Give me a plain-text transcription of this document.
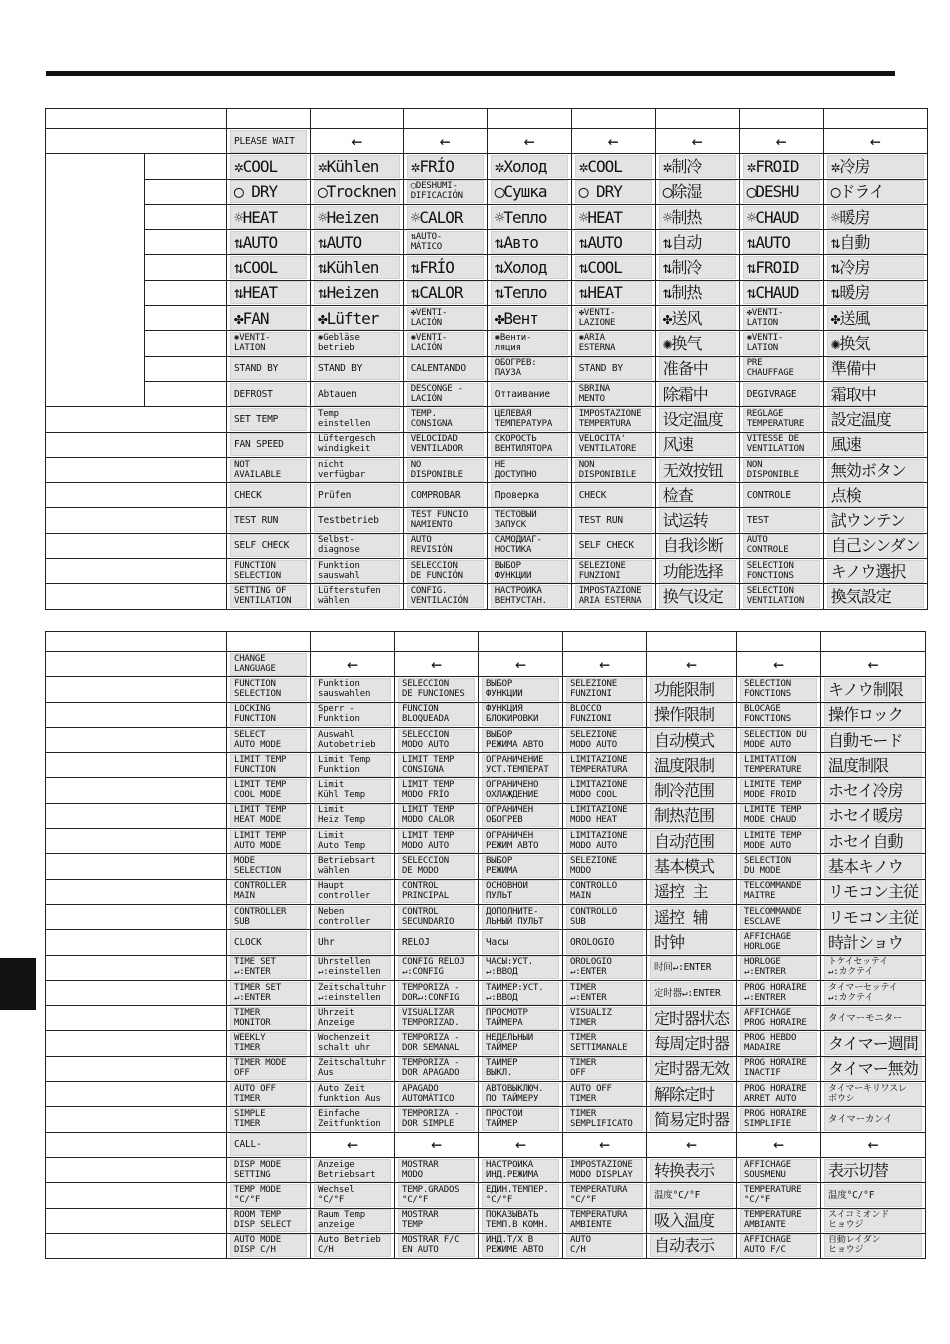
		PLEASE WAIT	←	←	←	←	←	←	←

		✲COOL	✲Kühlen	✲FRÍO	✲Холод	✲COOL	✲制冷	✲FROID	✲冷房

		◯ DRY	◯Trocknen	◯DESHUMI-
DIFICACIÓN	◯Сушка	◯ DRY	◯除湿	◯DESHU	◯ドライ

		☼HEAT	☼Heizen	☼CALOR	☼Тепло	☼HEAT	☼制热	☼CHAUD	☼暖房

		⇅AUTO	⇅AUTO	⇅AUTO-
MÁTICO	⇅Авто	⇅AUTO	⇅自动	⇅AUTO	⇅自動

		⇅COOL	⇅Kühlen	⇅FRÍO	⇅Холод	⇅COOL	⇅制冷	⇅FROID	⇅冷房

		⇅HEAT	⇅Heizen	⇅CALOR	⇅Тепло	⇅HEAT	⇅制热	⇅CHAUD	⇅暖房

		✤FAN	✤Lüfter	✤VENTI-
LACIÓN	✤Вент	✤VENTI-
LAZIONE	✤送风	✤VENTI-
LATION	✤送風

		✺VENTI-
LATION	✺Gebläse
betrieb	✺VENTI-
LACIÓN	✺Венти-
ляция	✺ARIA
ESTERNA	✺换气	✺VENTI-
LATION	✺换気

		STAND BY	STAND BY	CALENTANDO	ОБОГРЕВ:
ПАУЗА	STAND BY	准备中	PRE
CHAUFFAGE	準備中

		DEFROST	Abtauen	DESCONGE -
LACIÓN	Оттаивание	SBRINA
MENTO	除霜中	DEGIVRAGE	霜取中

		SET TEMP	Temp
einstellen	TEMP.
CONSIGNA	ЦЕЛЕВАЯ
ТЕМПЕРАТУРА	IMPOSTAZIONE
TEMPERTURA	设定温度	REGLAGE
TEMPERATURE	設定温度

		FAN SPEED	Lüftergesch
windigkeit	VELOCIDAD
VENTILADOR	СКОРОСТЬ
ВЕНТИЛЯТОРА	VELOCITA'
VENTILATORE	风速	VITESSE DE
VENTILATION	風速

		NOT
AVAILABLE	nicht
verfügbar	NO
DISPONIBLE	НЕ
ДОСТУПНО	NON
DISPONIBILE	无效按钮	NON
DISPONIBLE	無効ボタン

		CHECK	Prüfen	COMPROBAR	Проверка	CHECK	检查	CONTROLE	点検

		TEST RUN	Testbetrieb	TEST FUNCIO
NAMIENTO	ТЕСТОВЫЙ
ЗАПУСК	TEST RUN	试运转	TEST	試ウンテン

		SELF CHECK	Selbst-
diagnose	AUTO
REVISIÓN	САМОДИАГ-
НОСТИКА	SELF CHECK	自我诊断	AUTO
CONTROLE	自己シンダン

		FUNCTION
SELECTION	Funktion
sauswahl	SELECCIÓN
DE FUNCIÓN	ВЫБОР
ФУНКЦИИ	SELEZIONE
FUNZIONI	功能选择	SELECTION
FONCTIONS	キノウ選択

		SETTING OF
VENTILATION	Lüfterstufen
wählen	CONFIG.
VENTILACIÓN	НАСТРОЙКА
ВЕНТУСТАН.	IMPOSTAZIONE
ARIA ESTERNA	换气设定	SELECTION
VENTILATION	換気設定

		CHANGE
LANGUAGE	←	←	←	←	←	←	←

		FUNCTION
SELECTION	Funktion
sauswahlen	SELECCIÓN
DE FUNCIONES	ВЫБОР
ФУНКЦИИ	SELEZIONE
FUNZIONI	功能限制	SELECTION
FONCTIONS	キノウ制限

		LOCKING
FUNCTION	Sperr -
Funktion	FUNCIÓN
BLOQUEADA	ФУНКЦИЯ
БЛОКИРОВКИ	BLOCCO
FUNZIONI	操作限制	BLOCAGE
FONCTIONS	操作ロック

		SELECT
AUTO MODE	Auswahl
Autobetrieb	SELECCIÓN
MODO AUTO	ВЫБОР
РЕЖИМА АВТО	SELEZIONE
MODO AUTO	自动模式	SELECTION DU
MODE AUTO	自動モード

		LIMIT TEMP
FUNCTION	Limit Temp
Funktion	LIMIT TEMP
CONSIGNA	ОГРАНИЧЕНИЕ
УСТ.ТЕМПЕРАТ	LIMITAZIONE
TEMPERATURA	温度限制	LIMITATION
TEMPERATURE	温度制限

		LIMIT TEMP
COOL MODE	Limit
Kühl Temp	LIMIT TEMP
MODO FRÍO	ОГРАНИЧЕНО
ОХЛАЖДЕНИЕ	LIMITAZIONE
MODO COOL	制冷范围	LIMITE TEMP
MODE FROID	ホセイ冷房

		LIMIT TEMP
HEAT MODE	Limit
Heiz Temp	LIMIT TEMP
MODO CALOR	ОГРАНИЧЕН
ОБОГРЕВ	LIMITAZIONE
MODO HEAT	制热范围	LIMITE TEMP
MODE CHAUD	ホセイ暖房

		LIMIT TEMP
AUTO MODE	Limit
Auto Temp	LIMIT TEMP
MODO AUTO	ОГРАНИЧЕН
РЕЖИМ АВТО	LIMITAZIONE
MODO AUTO	自动范围	LIMITE TEMP
MODE AUTO	ホセイ自動

		MODE
SELECTION	Betriebsart
wählen	SELECCIÓN
DE MODO	ВЫБОР
РЕЖИМА	SELEZIONE
MODO	基本模式	SELECTION
DU MODE	基本キノウ

		CONTROLLER
MAIN	Haupt
controller	CONTROL
PRINCIPAL	ОСНОВНОЙ
ПУЛЬТ	CONTROLLO
MAIN	遥控 主	TELCOMMANDE
MAITRE	リモコン主従

		CONTROLLER
SUB	Neben
controller	CONTROL
SECUNDARIO	ДОПОЛНИТЕ-
ЛЬНЫЙ ПУЛЬТ	CONTROLLO
SUB	遥控 辅	TELCOMMANDE
ESCLAVE	リモコン主従

		CLOCK	Uhr	RELOJ	Часы	OROLOGIO	时钟	AFFICHAGE
HORLOGE	時計ショウ

		TIME SET
↵:ENTER	Uhrstellen
↵:einstellen	CONFIG RELOJ
↵:CONFIG	ЧАСЫ:УСТ.
↵:ВВОД	OROLOGIO
↵:ENTER	时间↵:ENTER	HORLOGE
↵:ENTRER	トケイセッテイ
↵:カクテイ

		TIMER SET
↵:ENTER	Zeitschaltuhr
↵:einstellen	TEMPORIZA -
DOR↵:CONFIG	ТАЙМЕР:УСТ.
↵:ВВОД	TIMER
↵:ENTER	定时器↵:ENTER	PROG HORAIRE
↵:ENTRER	タイマーセッテイ
↵:カクテイ

		TIMER
MONITOR	Uhrzeit
Anzeige	VISUALIZAR
TEMPORIZAD.	ПРОСМОТР
ТАЙМЕРА	VISUALIZ
TIMER	定时器状态	AFFICHAGE
PROG HORAIRE	タイマーモニター

		WEEKLY
TIMER	Wochenzeit
schalt uhr	TEMPORIZA -
DOR SEMANAL	НЕДЕЛЬНЫЙ
ТАЙМЕР	TIMER
SETTIMANALE	每周定时器	PROG HEBDO
MADAIRE	タイマー週間

		TIMER MODE
OFF	Zeitschaltuhr
Aus	TEMPORIZA -
DOR APAGADO	ТАЙМЕР
ВЫКЛ.	TIMER
OFF	定时器无效	PROG HORAIRE
INACTIF	タイマー無効

		AUTO OFF
TIMER	Auto Zeit
funktion Aus	APAGADO
AUTOMÁTICO	АВТОВЫКЛЮЧ.
ПО ТАЙМЕРУ	AUTO OFF
TIMER	解除定时	PROG HORAIRE
ARRET AUTO	タイマーキリワスレ
ボウシ

		SIMPLE
TIMER	Einfache
Zeitfunktion	TEMPORIZA -
DOR SIMPLE	ПРОСТОЙ
ТАЙМЕР	TIMER
SEMPLIFICATO	简易定时器	PROG HORAIRE
SIMPLIFIE	タイマーカンイ

		CALL-	←	←	←	←	←	←	←

		DISP MODE
SETTING	Anzeige
Betriebsart	MOSTRAR
MODO	НАСТРОЙКА
ИНД.РЕЖИМА	IMPOSTAZIONE
MODO DISPLAY	转换表示	AFFICHAGE
SOUSMENU	表示切替

		TEMP MODE
°C/°F	Wechsel
°C/°F	TEMP.GRADOS
°C/°F	ЕДИН.ТЕМПЕР.
°C/°F	TEMPERATURA
°C/°F	温度°C/°F	TEMPERATURE
°C/°F	温度°C/°F

		ROOM TEMP
DISP SELECT	Raum Temp
anzeige	MOSTRAR
TEMP	ПОКАЗЫВАТЬ
ТЕМП.В КОМН.	TEMPERATURA
AMBIENTE	吸入温度	TEMPERATURE
AMBIANTE	スイコミオンド
ヒョウジ

		AUTO MODE
DISP C/H	Auto Betrieb
C/H	MOSTRAR F/C
EN AUTO	ИНД.Т/Х В
РЕЖИМЕ АВТО	AUTO
C/H	自动表示	AFFICHAGE
AUTO F/C	自動レイダン
ヒョウジ
